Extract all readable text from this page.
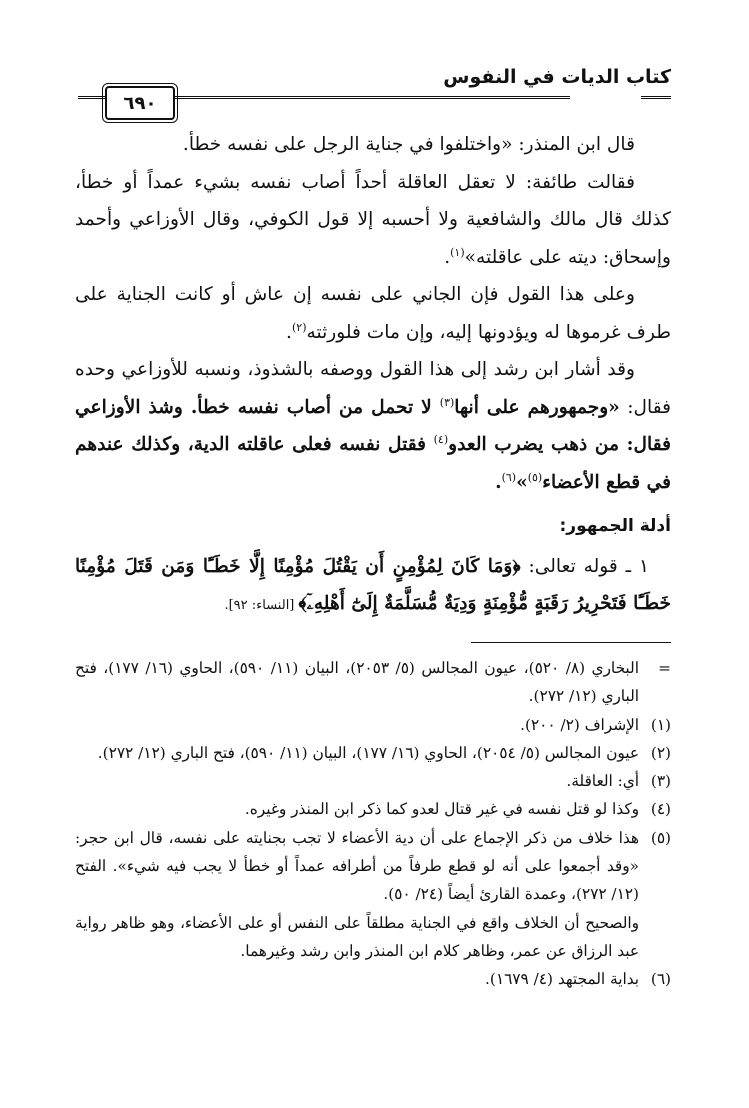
كتاب الديات في النفوس
٦٩٠

قال ابن المنذر: «واختلفوا في جناية الرجل على نفسه خطأ.

فقالت طائفة: لا تعقل العاقلة أحداً أصاب نفسه بشيء عمداً أو خطأ، كذلك قال مالك والشافعية ولا أحسبه إلا قول الكوفي، وقال الأوزاعي وأحمد وإسحاق: ديته على عاقلته»$^{(١)}$.

وعلى هذا القول فإن الجاني على نفسه إن عاش أو كانت الجناية على طرف غرموها له ويؤدونها إليه، وإن مات فلورثته$^{(٢)}$.

وقد أشار ابن رشد إلى هذا القول ووصفه بالشذوذ، ونسبه للأوزاعي وحده فقال: «وجمهورهم على أنها$^{(٣)}$ لا تحمل من أصاب نفسه خطأ. وشذ الأوزاعي فقال: من ذهب يضرب العدو$^{(٤)}$ فقتل نفسه فعلى عاقلته الدية، وكذلك عندهم في قطع الأعضاء$^{(٥)}$»$^{(٦)}$.

أدلة الجمهور:
١ ـ قوله تعالى: ﴿وَمَا كَانَ لِمُؤْمِنٍ أَن يَقْتُلَ مُؤْمِنًا إِلَّا خَطَـًٔا وَمَن قَتَلَ مُؤْمِنًا خَطَـًٔا فَتَحْرِيرُ رَقَبَةٍ مُّؤْمِنَةٍ وَدِيَةٌ مُّسَلَّمَةٌ إِلَىٰٓ أَهْلِهِۦٓ﴾ [النساء: ٩٢].
=
البخاري (٨/ ٥٢٠)، عيون المجالس (٥/ ٢٠٥٣)، البيان (١١/ ٥٩٠)، الحاوي (١٦/ ١٧٧)، فتح الباري (١٢/ ٢٧٢).
(١)
الإشراف (٢/ ٢٠٠).
(٢)
عيون المجالس (٥/ ٢٠٥٤)، الحاوي (١٦/ ١٧٧)، البيان (١١/ ٥٩٠)، فتح الباري (١٢/ ٢٧٢).
(٣)
أي: العاقلة.
(٤)
وكذا لو قتل نفسه في غير قتال لعدو كما ذكر ابن المنذر وغيره.
(٥)
هذا خلاف من ذكر الإجماع على أن دية الأعضاء لا تجب بجنايته على نفسه، قال ابن حجر: «وقد أجمعوا على أنه لو قطع طرفاً من أطرافه عمداً أو خطأ لا يجب فيه شيء». الفتح (١٢/ ٢٧٢)، وعمدة القارئ أيضاً (٢٤/ ٥٠).
والصحيح أن الخلاف واقع في الجناية مطلقاً على النفس أو على الأعضاء، وهو ظاهر رواية عبد الرزاق عن عمر، وظاهر كلام ابن المنذر وابن رشد وغيرهما.
(٦)
بداية المجتهد (٤/ ١٦٧٩).
